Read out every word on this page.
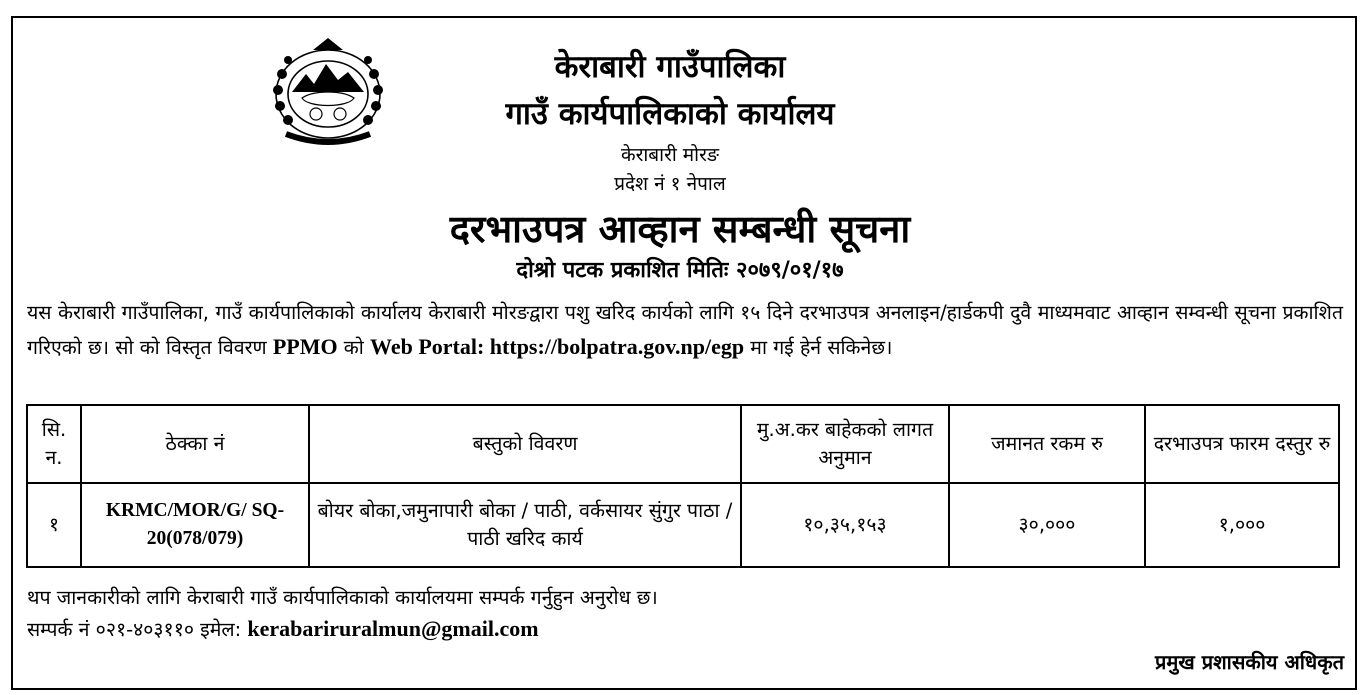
केराबारी गाउँपालिका
गाउँ कार्यपालिकाको कार्यालय
केराबारी मोरङ
प्रदेश नं १ नेपाल
दरभाउपत्र आव्हान सम्बन्धी सूचना
दोश्रो पटक प्रकाशित मितिः २०७९/०१/१७

यस केराबारी गाउँपालिका, गाउँ कार्यपालिकाको कार्यालय केराबारी मोरङद्वारा पशु खरिद कार्यको लागि १५ दिने दरभाउपत्र अनलाइन/हार्डकपी दुवै माध्यमवाट आव्हान सम्वन्धी सूचना प्रकाशित गरिएको छ। सो को विस्तृत विवरण PPMO को Web Portal: https://bolpatra.gov.np/egp मा गई हेर्न सकिनेछ।

सि. न.	ठेक्का नं	बस्तुको विवरण	मु.अ.कर बाहेकको लागत अनुमान	जमानत रकम रु	दरभाउपत्र फारम दस्तुर रु
१	KRMC/MOR/G/ SQ-20(078/079)	बोयर बोका,जमुनापारी बोका / पाठी, वर्कसायर सुंगुर पाठा / पाठी खरिद कार्य	१०,३५,१५३	३०,०००	१,०००
थप जानकारीको लागि केराबारी गाउँ कार्यपालिकाको कार्यालयमा सम्पर्क गर्नुहुन अनुरोध छ।
सम्पर्क नं ०२१-४०३११० इमेल: kerabariruralmun@gmail.com
प्रमुख प्रशासकीय अधिकृत
